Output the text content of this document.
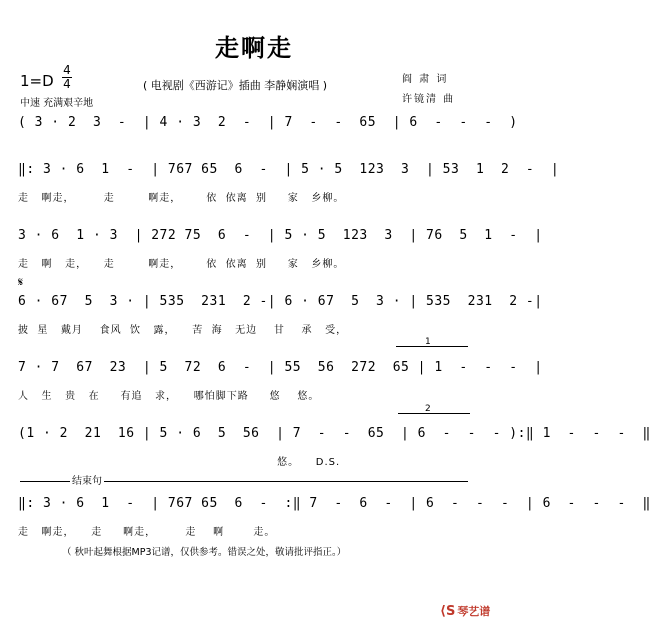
走啊走
1=D
4
4
中速 充满艰辛地
( 电视剧《西游记》插曲 李静娴演唱 )	阎 肃 词
许镜清 曲
( 3 · 2  3  -  | 4 · 3  2  -  | 7  -  -  65  | 6  -  -  -  )
‖: 3 · 6  1  -  | 767 65  6  -  | 5 · 5  123  3  | 53  1  2  -  |
走   啊走，       走        啊走，      依  依离  别     家   乡柳。
3 · 6  1 · 3  | 272 75  6  -  | 5 · 5  123  3  | 76  5  1  -  |
走   啊   走，    走        啊走，      依  依离  别     家   乡柳。
𝄋
6 · 67  5  3 · | 535  231  2 -| 6 · 67  5  3 · | 535  231  2 -|
披  星   戴月    食风  饮   露，    苦  海   无边    甘    承   受，
1
7 · 7  67  23  | 5  72  6  -  | 55  56  272  65 | 1  -  -  -  |
人   生   贵   在     有追   求，    哪怕脚下路     悠    悠。
2
(1 · 2  21  16 | 5 · 6  5  56  | 7  -  -  65  | 6  -  -  - ):‖ 1  -  -  -  ‖
悠。    D.S.
结束句
‖: 3 · 6  1  -  | 767 65  6  -  :‖ 7  -  6  -  | 6  -  -  -  | 6  -  -  -  ‖
走   啊走，    走     啊走，       走    啊       走。
（ 秋叶起舞根据MP3记谱，仅供参考。错误之处，敬请批评指正。）
⟨S 琴艺谱
